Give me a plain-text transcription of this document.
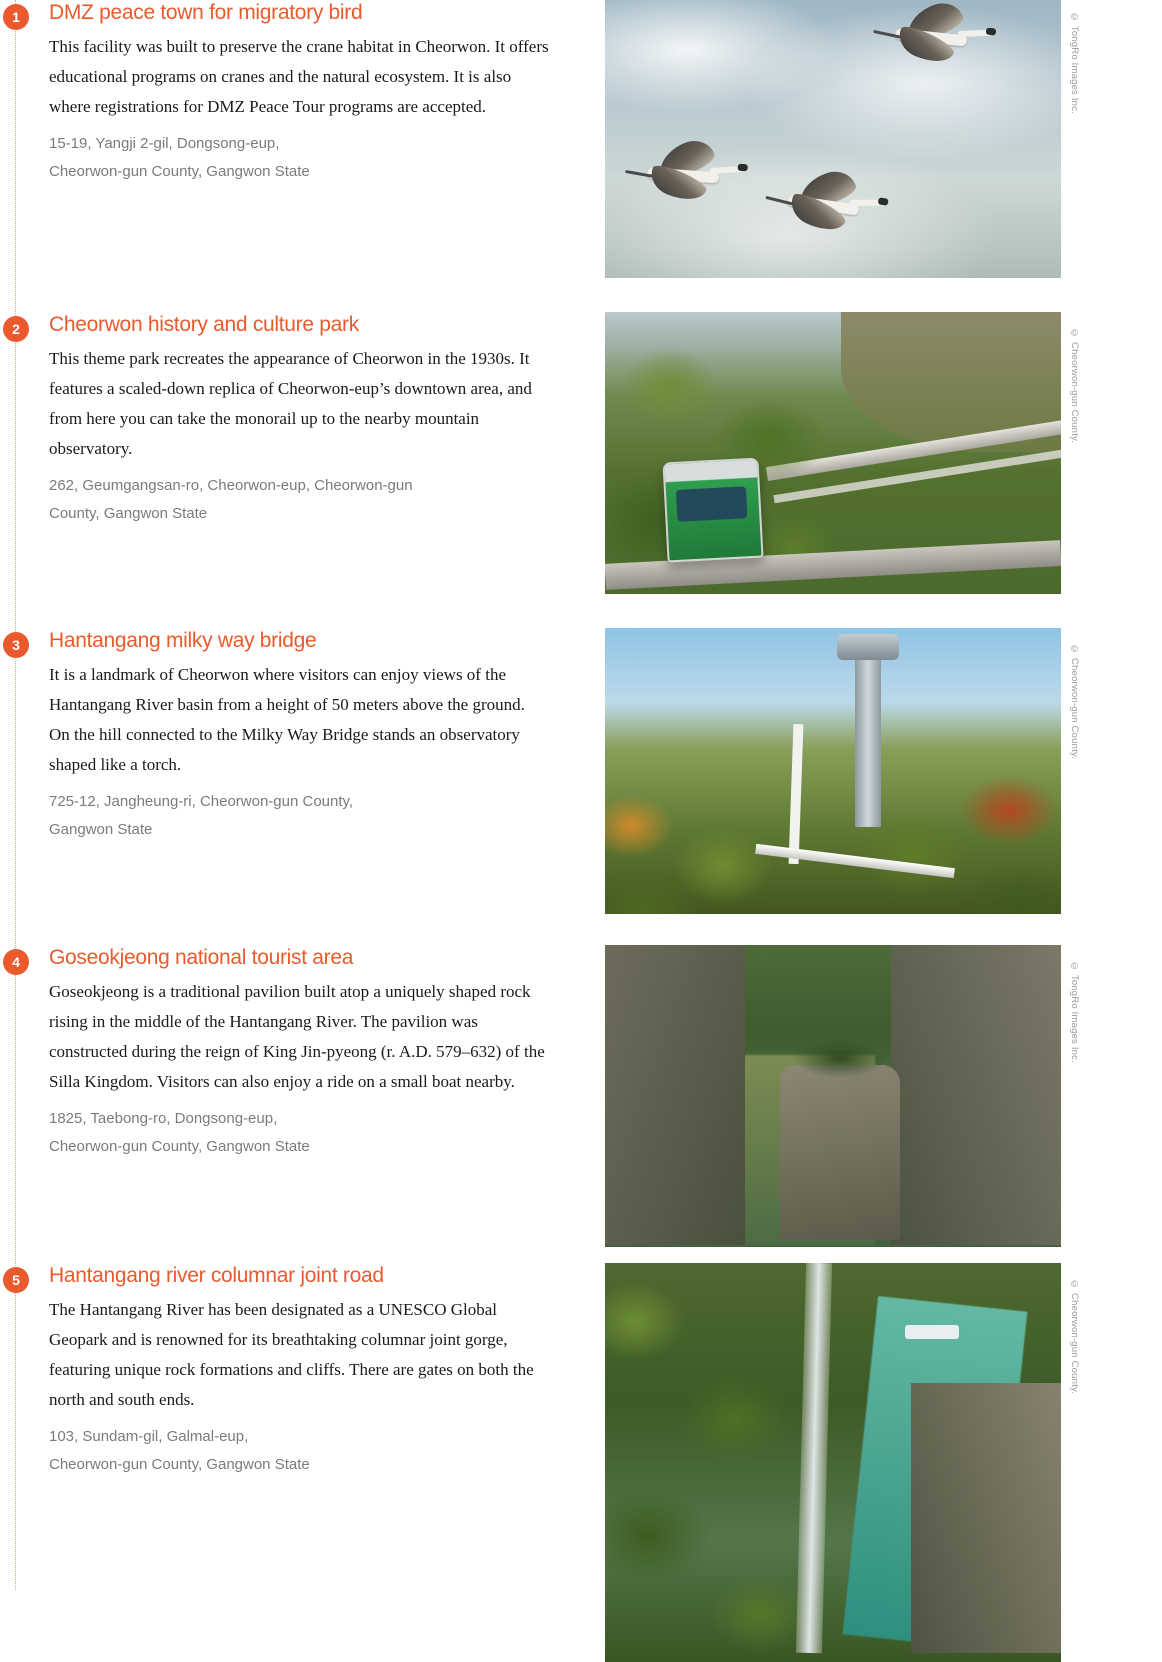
1	DMZ peace town for migratory bird

This facility was built to preserve the crane habitat in Cheorwon. It offers educational programs on cranes and the natural ecosystem. It is also where registrations for DMZ Peace Tour programs are accepted.

15-19, Yangji 2-gil, Dongsong-eup,

Cheorwon-gun County, Gangwon State

© TongRo Images Inc.
2	Cheorwon history and culture park

This theme park recreates the appearance of Cheorwon in the 1930s. It features a scaled-down replica of Cheorwon-eup’s downtown area, and from here you can take the monorail up to the nearby mountain observatory.

262, Geumgangsan-ro, Cheorwon-eup, Cheorwon-gun

County, Gangwon State

© Cheorwon-gun County.
3	Hantangang milky way bridge

It is a landmark of Cheorwon where visitors can enjoy views of the Hantangang River basin from a height of 50 meters above the ground. On the hill connected to the Milky Way Bridge stands an observatory shaped like a torch.

725-12, Jangheung-ri, Cheorwon-gun County,

Gangwon State

© Cheorwon-gun County.
4	Goseokjeong national tourist area

Goseokjeong is a traditional pavilion built atop a uniquely shaped rock rising in the middle of the Hantangang River. The pavilion was constructed during the reign of King Jin-pyeong (r. A.D. 579–632) of the Silla Kingdom. Visitors can also enjoy a ride on a small boat nearby.

1825, Taebong-ro, Dongsong-eup,

Cheorwon-gun County, Gangwon State

© TongRo Images Inc.
5	Hantangang river columnar joint road

The Hantangang River has been designated as a UNESCO Global Geopark and is renowned for its breathtaking columnar joint gorge, featuring unique rock formations and cliffs. There are gates on both the north and south ends.

103, Sundam-gil, Galmal-eup,

Cheorwon-gun County, Gangwon State

© Cheorwon-gun County.
